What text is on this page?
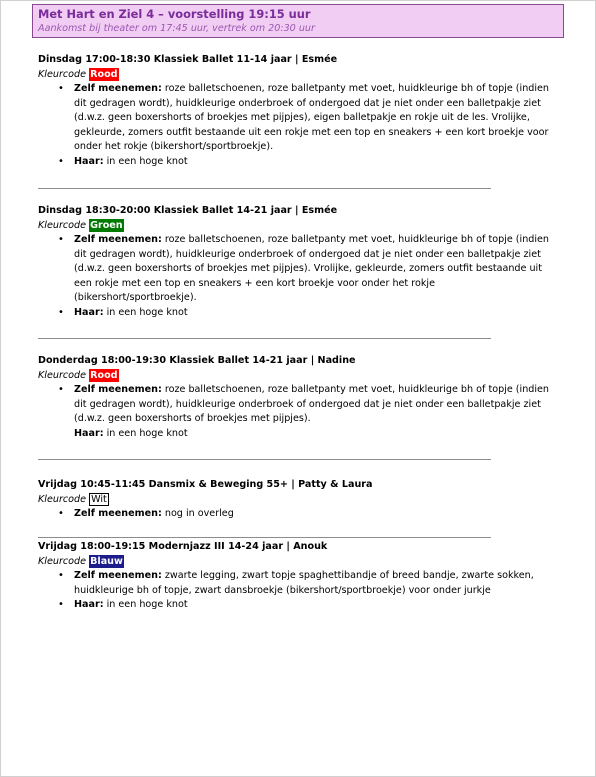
Met Hart en Ziel 4 – voorstelling 19:15 uur
Aankomst bij theater om 17:45 uur, vertrek om 20:30 uur
Dinsdag 17:00-18:30 Klassiek Ballet 11-14 jaar | Esmée
Kleurcode Rood
• Zelf meenemen: roze balletschoenen, roze balletpanty met voet, huidkleurige bh of topje (indien dit gedragen wordt), huidkleurige onderbroek of ondergoed dat je niet onder een balletpakje ziet (d.w.z. geen boxershorts of broekjes met pijpjes), eigen balletpakje en rokje uit de les. Vrolijke, gekleurde, zomers outfit bestaande uit een rokje met een top en sneakers + een kort broekje voor onder het rokje (bikershort/sportbroekje).
• Haar: in een hoge knot
Dinsdag 18:30-20:00 Klassiek Ballet 14-21 jaar | Esmée
Kleurcode Groen
• Zelf meenemen: roze balletschoenen, roze balletpanty met voet, huidkleurige bh of topje (indien dit gedragen wordt), huidkleurige onderbroek of ondergoed dat je niet onder een balletpakje ziet (d.w.z. geen boxershorts of broekjes met pijpjes). Vrolijke, gekleurde, zomers outfit bestaande uit een rokje met een top en sneakers + een kort broekje voor onder het rokje (bikershort/sportbroekje).
• Haar: in een hoge knot
Donderdag 18:00-19:30 Klassiek Ballet 14-21 jaar | Nadine
Kleurcode Rood
• Zelf meenemen: roze balletschoenen, roze balletpanty met voet, huidkleurige bh of topje (indien dit gedragen wordt), huidkleurige onderbroek of ondergoed dat je niet onder een balletpakje ziet (d.w.z. geen boxershorts of broekjes met pijpjes).
Haar: in een hoge knot
Vrijdag 10:45-11:45 Dansmix & Beweging 55+ | Patty & Laura
Kleurcode Wit
• Zelf meenemen: nog in overleg
Vrijdag 18:00-19:15 Modernjazz III 14-24 jaar | Anouk
Kleurcode Blauw
• Zelf meenemen: zwarte legging, zwart topje spaghettibandje of breed bandje, zwarte sokken, huidkleurige bh of topje, zwart dansbroekje (bikershort/sportbroekje) voor onder jurkje
• Haar: in een hoge knot
